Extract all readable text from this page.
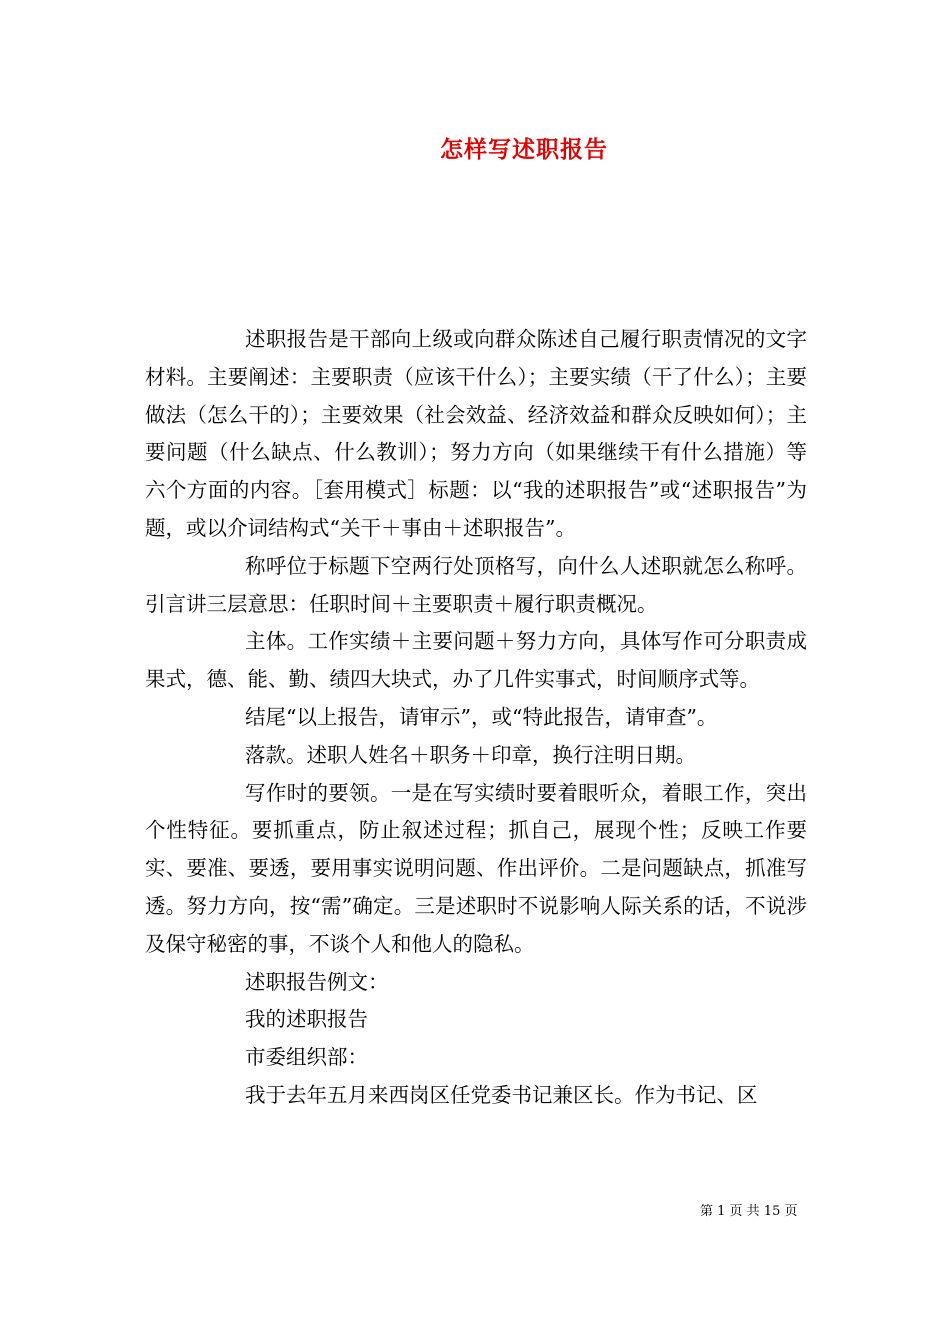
怎样写述职报告

述职报告是干部向上级或向群众陈述自己履行职责情况的文字材料。主要阐述：主要职责（应该干什么）；主要实绩（干了什么）；主要做法（怎么干的）；主要效果（社会效益、经济效益和群众反映如何）；主要问题（什么缺点、什么教训）；努力方向（如果继续干有什么措施）等六个方面的内容。［套用模式］标题：以“我的述职报告”或“述职报告”为题，或以介词结构式“关干＋事由＋述职报告”。

称呼位于标题下空两行处顶格写，向什么人述职就怎么称呼。引言讲三层意思：任职时间＋主要职责＋履行职责概况。

主体。工作实绩＋主要问题＋努力方向，具体写作可分职责成果式，德、能、勤、绩四大块式，办了几件实事式，时间顺序式等。

结尾“以上报告，请审示”，或“特此报告，请审查”。

落款。述职人姓名＋职务＋印章，换行注明日期。

写作时的要领。一是在写实绩时要着眼听众，着眼工作，突出个性特征。要抓重点，防止叙述过程；抓自己，展现个性；反映工作要实、要准、要透，要用事实说明问题、作出评价。二是问题缺点，抓准写透。努力方向，按“需”确定。三是述职时不说影响人际关系的话，不说涉及保守秘密的事，不谈个人和他人的隐私。

述职报告例文：

我的述职报告

市委组织部：

我于去年五月来西岗区任党委书记兼区长。作为书记、区

第 1 页 共 15 页
